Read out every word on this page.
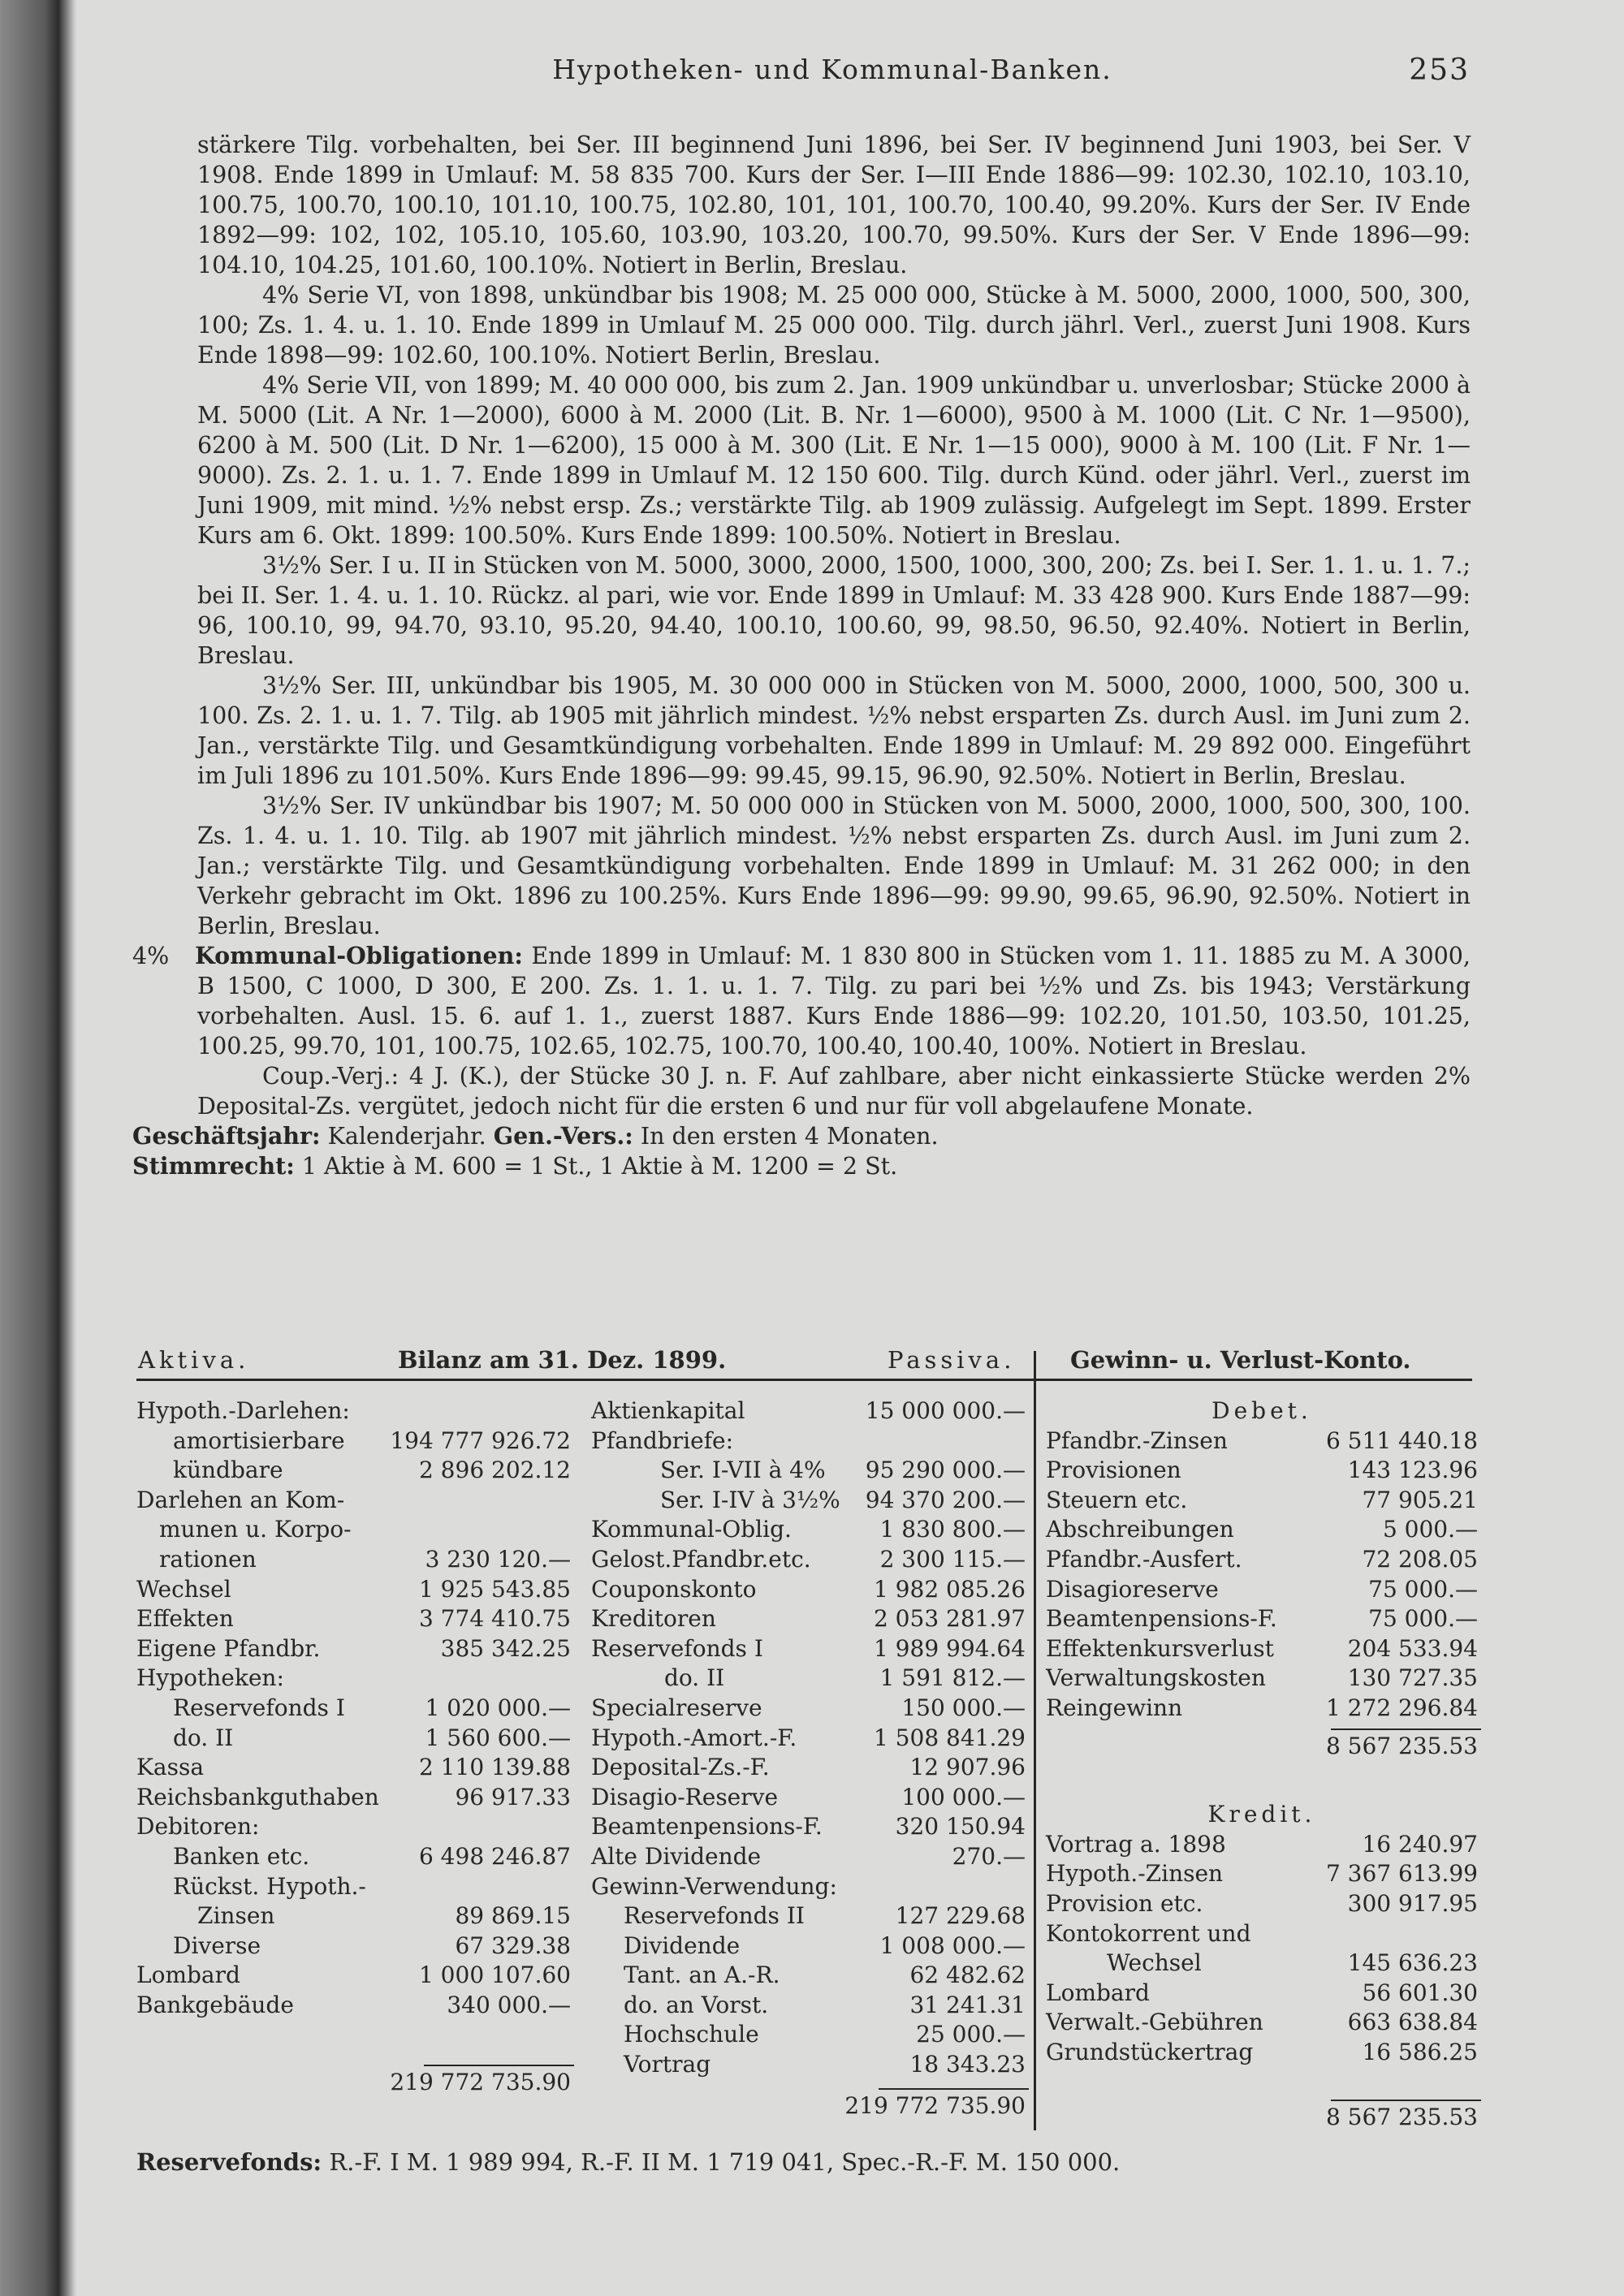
Hypotheken- und Kommunal-Banken.	253

stärkere Tilg. vorbehalten, bei Ser. III beginnend Juni 1896, bei Ser. IV beginnend Juni 1903, bei Ser. V 1908. Ende 1899 in Umlauf: M. 58 835 700. Kurs der Ser. I—III Ende 1886—99: 102.30, 102.10, 103.10, 100.75, 100.70, 100.10, 101.10, 100.75, 102.80, 101, 101, 100.70, 100.40, 99.20%. Kurs der Ser. IV Ende 1892—99: 102, 102, 105.10, 105.60, 103.90, 103.20, 100.70, 99.50%. Kurs der Ser. V Ende 1896—99: 104.10, 104.25, 101.60, 100.10%. Notiert in Berlin, Breslau.

4% Serie VI, von 1898, unkündbar bis 1908; M. 25 000 000, Stücke à M. 5000, 2000, 1000, 500, 300, 100; Zs. 1. 4. u. 1. 10. Ende 1899 in Umlauf M. 25 000 000. Tilg. durch jährl. Verl., zuerst Juni 1908. Kurs Ende 1898—99: 102.60, 100.10%. Notiert Berlin, Breslau.

4% Serie VII, von 1899; M. 40 000 000, bis zum 2. Jan. 1909 unkündbar u. unverlosbar; Stücke 2000 à M. 5000 (Lit. A Nr. 1—2000), 6000 à M. 2000 (Lit. B. Nr. 1—6000), 9500 à M. 1000 (Lit. C Nr. 1—9500), 6200 à M. 500 (Lit. D Nr. 1—6200), 15 000 à M. 300 (Lit. E Nr. 1—15 000), 9000 à M. 100 (Lit. F Nr. 1—9000). Zs. 2. 1. u. 1. 7. Ende 1899 in Umlauf M. 12 150 600. Tilg. durch Künd. oder jährl. Verl., zuerst im Juni 1909, mit mind. ½% nebst ersp. Zs.; verstärkte Tilg. ab 1909 zulässig. Aufgelegt im Sept. 1899. Erster Kurs am 6. Okt. 1899: 100.50%. Kurs Ende 1899: 100.50%. Notiert in Breslau.

3½% Ser. I u. II in Stücken von M. 5000, 3000, 2000, 1500, 1000, 300, 200; Zs. bei I. Ser. 1. 1. u. 1. 7.; bei II. Ser. 1. 4. u. 1. 10. Rückz. al pari, wie vor. Ende 1899 in Umlauf: M. 33 428 900. Kurs Ende 1887—99: 96, 100.10, 99, 94.70, 93.10, 95.20, 94.40, 100.10, 100.60, 99, 98.50, 96.50, 92.40%. Notiert in Berlin, Breslau.

3½% Ser. III, unkündbar bis 1905, M. 30 000 000 in Stücken von M. 5000, 2000, 1000, 500, 300 u. 100. Zs. 2. 1. u. 1. 7. Tilg. ab 1905 mit jährlich mindest. ½% nebst ersparten Zs. durch Ausl. im Juni zum 2. Jan., verstärkte Tilg. und Gesamtkündigung vorbehalten. Ende 1899 in Umlauf: M. 29 892 000. Eingeführt im Juli 1896 zu 101.50%. Kurs Ende 1896—99: 99.45, 99.15, 96.90, 92.50%. Notiert in Berlin, Breslau.

3½% Ser. IV unkündbar bis 1907; M. 50 000 000 in Stücken von M. 5000, 2000, 1000, 500, 300, 100. Zs. 1. 4. u. 1. 10. Tilg. ab 1907 mit jährlich mindest. ½% nebst ersparten Zs. durch Ausl. im Juni zum 2. Jan.; verstärkte Tilg. und Gesamtkündigung vorbehalten. Ende 1899 in Umlauf: M. 31 262 000; in den Verkehr gebracht im Okt. 1896 zu 100.25%. Kurs Ende 1896—99: 99.90, 99.65, 96.90, 92.50%. Notiert in Berlin, Breslau.

4% Kommunal-Obligationen: Ende 1899 in Umlauf: M. 1 830 800 in Stücken vom 1. 11. 1885 zu M. A 3000, B 1500, C 1000, D 300, E 200. Zs. 1. 1. u. 1. 7. Tilg. zu pari bei ½% und Zs. bis 1943; Verstärkung vorbehalten. Ausl. 15. 6. auf 1. 1., zuerst 1887. Kurs Ende 1886—99: 102.20, 101.50, 103.50, 101.25, 100.25, 99.70, 101, 100.75, 102.65, 102.75, 100.70, 100.40, 100.40, 100%. Notiert in Breslau.

Coup.-Verj.: 4 J. (K.), der Stücke 30 J. n. F. Auf zahlbare, aber nicht einkassierte Stücke werden 2% Deposital-Zs. vergütet, jedoch nicht für die ersten 6 und nur für voll abgelaufene Monate.

Geschäftsjahr: Kalenderjahr. Gen.-Vers.: In den ersten 4 Monaten.

Stimmrecht: 1 Aktie à M. 600 = 1 St., 1 Aktie à M. 1200 = 2 St.

Aktiva.	Bilanz am 31. Dez. 1899.	Passiva. Gewinn- u. Verlust-Konto.
Hypoth.-Darlehen:
amortisierbare 194 777 926.72
kündbare	2 896 202.12
Darlehen an Kom-
munen u. Korpo-
rationen	3 230 120.—
Wechsel	1 925 543.85
Effekten	3 774 410.75
Eigene Pfandbr.	385 342.25
Hypotheken:
Reservefonds I	1 020 000.—
do. II	1 560 600.—
Kassa	2 110 139.88
Reichsbankguthaben	96 917.33
Debitoren:
Banken etc.	6 498 246.87
Rückst. Hypoth.-
Zinsen	89 869.15
Diverse	67 329.38
Lombard	1 000 107.60
Bankgebäude	340 000.—
219 772 735.90
Aktienkapital	15 000 000.—
Pfandbriefe:
Ser. I-VII à 4% 95 290 000.—
Ser. I-IV à 3½% 94 370 200.—
Kommunal-Oblig.	1 830 800.—
Gelost.Pfandbr.etc.	2 300 115.—
Couponskonto	1 982 085.26
Kreditoren	2 053 281.97
Reservefonds I	1 989 994.64
do. II	1 591 812.—
Specialreserve	150 000.—
Hypoth.-Amort.-F.	1 508 841.29
Deposital-Zs.-F.	12 907.96
Disagio-Reserve	100 000.—
Beamtenpensions-F.	320 150.94
Alte Dividende	270.—
Gewinn-Verwendung:
Reservefonds II	127 229.68
Dividende	1 008 000.—
Tant. an A.-R.	62 482.62
do. an Vorst.	31 241.31
Hochschule	25 000.—
Vortrag	18 343.23
219 772 735.90
Debet.
Pfandbr.-Zinsen	6 511 440.18
Provisionen	143 123.96
Steuern etc.	77 905.21
Abschreibungen	5 000.—
Pfandbr.-Ausfert.	72 208.05
Disagioreserve	75 000.—
Beamtenpensions-F.	75 000.—
Effektenkursverlust	204 533.94
Verwaltungskosten	130 727.35
Reingewinn	1 272 296.84
8 567 235.53
Kredit.
Vortrag a. 1898	16 240.97
Hypoth.-Zinsen	7 367 613.99
Provision etc.	300 917.95
Kontokorrent und
Wechsel	145 636.23
Lombard	56 601.30
Verwalt.-Gebühren	663 638.84
Grundstückertrag	16 586.25
8 567 235.53
Reservefonds: R.-F. I M. 1 989 994, R.-F. II M. 1 719 041, Spec.-R.-F. M. 150 000.
